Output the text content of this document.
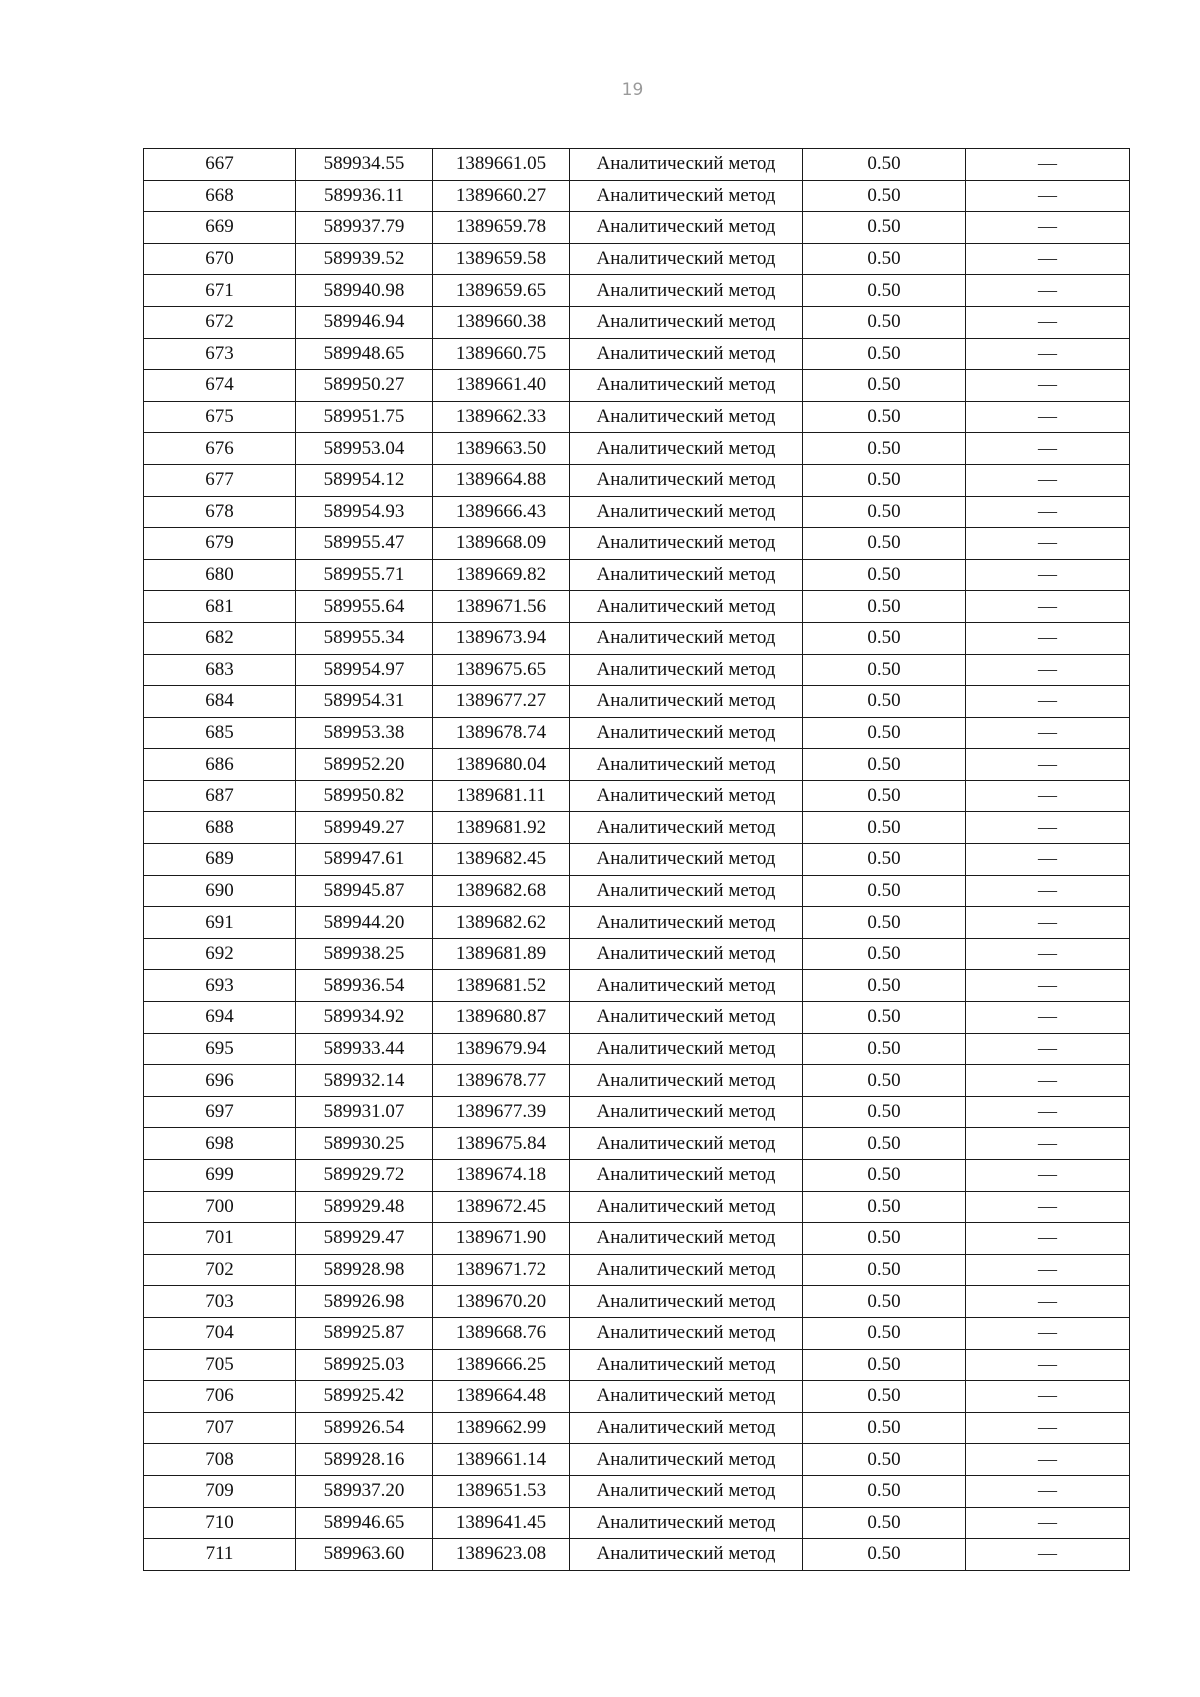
19
667	589934.55	1389661.05	Аналитический метод	0.50	—
668	589936.11	1389660.27	Аналитический метод	0.50	—
669	589937.79	1389659.78	Аналитический метод	0.50	—
670	589939.52	1389659.58	Аналитический метод	0.50	—
671	589940.98	1389659.65	Аналитический метод	0.50	—
672	589946.94	1389660.38	Аналитический метод	0.50	—
673	589948.65	1389660.75	Аналитический метод	0.50	—
674	589950.27	1389661.40	Аналитический метод	0.50	—
675	589951.75	1389662.33	Аналитический метод	0.50	—
676	589953.04	1389663.50	Аналитический метод	0.50	—
677	589954.12	1389664.88	Аналитический метод	0.50	—
678	589954.93	1389666.43	Аналитический метод	0.50	—
679	589955.47	1389668.09	Аналитический метод	0.50	—
680	589955.71	1389669.82	Аналитический метод	0.50	—
681	589955.64	1389671.56	Аналитический метод	0.50	—
682	589955.34	1389673.94	Аналитический метод	0.50	—
683	589954.97	1389675.65	Аналитический метод	0.50	—
684	589954.31	1389677.27	Аналитический метод	0.50	—
685	589953.38	1389678.74	Аналитический метод	0.50	—
686	589952.20	1389680.04	Аналитический метод	0.50	—
687	589950.82	1389681.11	Аналитический метод	0.50	—
688	589949.27	1389681.92	Аналитический метод	0.50	—
689	589947.61	1389682.45	Аналитический метод	0.50	—
690	589945.87	1389682.68	Аналитический метод	0.50	—
691	589944.20	1389682.62	Аналитический метод	0.50	—
692	589938.25	1389681.89	Аналитический метод	0.50	—
693	589936.54	1389681.52	Аналитический метод	0.50	—
694	589934.92	1389680.87	Аналитический метод	0.50	—
695	589933.44	1389679.94	Аналитический метод	0.50	—
696	589932.14	1389678.77	Аналитический метод	0.50	—
697	589931.07	1389677.39	Аналитический метод	0.50	—
698	589930.25	1389675.84	Аналитический метод	0.50	—
699	589929.72	1389674.18	Аналитический метод	0.50	—
700	589929.48	1389672.45	Аналитический метод	0.50	—
701	589929.47	1389671.90	Аналитический метод	0.50	—
702	589928.98	1389671.72	Аналитический метод	0.50	—
703	589926.98	1389670.20	Аналитический метод	0.50	—
704	589925.87	1389668.76	Аналитический метод	0.50	—
705	589925.03	1389666.25	Аналитический метод	0.50	—
706	589925.42	1389664.48	Аналитический метод	0.50	—
707	589926.54	1389662.99	Аналитический метод	0.50	—
708	589928.16	1389661.14	Аналитический метод	0.50	—
709	589937.20	1389651.53	Аналитический метод	0.50	—
710	589946.65	1389641.45	Аналитический метод	0.50	—
711	589963.60	1389623.08	Аналитический метод	0.50	—
